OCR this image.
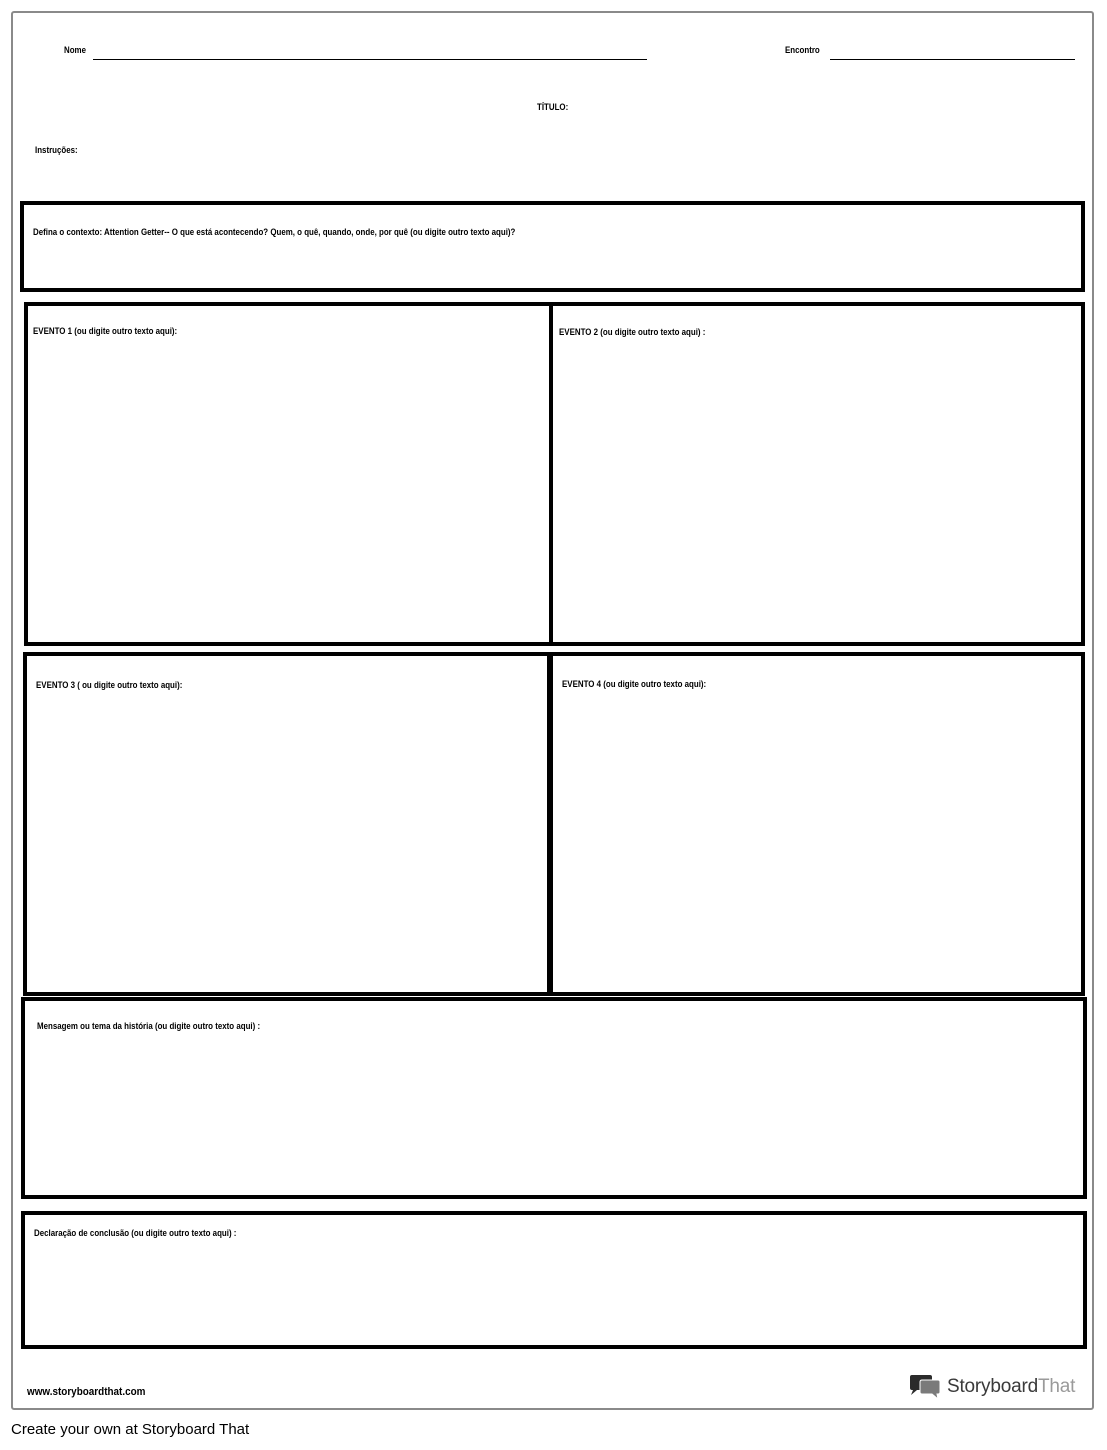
Nome	Encontro
TÍTULO:
Instruções:
Defina o contexto: Attention Getter-- O que está acontecendo? Quem, o quê, quando, onde, por quê (ou digite outro texto aqui)?
EVENTO 1 (ou digite outro texto aqui):	EVENTO 2 (ou digite outro texto aqui) :
EVENTO 3 ( ou digite outro texto aqui):	EVENTO 4 (ou digite outro texto aqui):
Mensagem ou tema da história (ou digite outro texto aqui) :
Declaração de conclusão (ou digite outro texto aqui) :
www.storyboardthat.com	StoryboardThat
Create your own at Storyboard That
